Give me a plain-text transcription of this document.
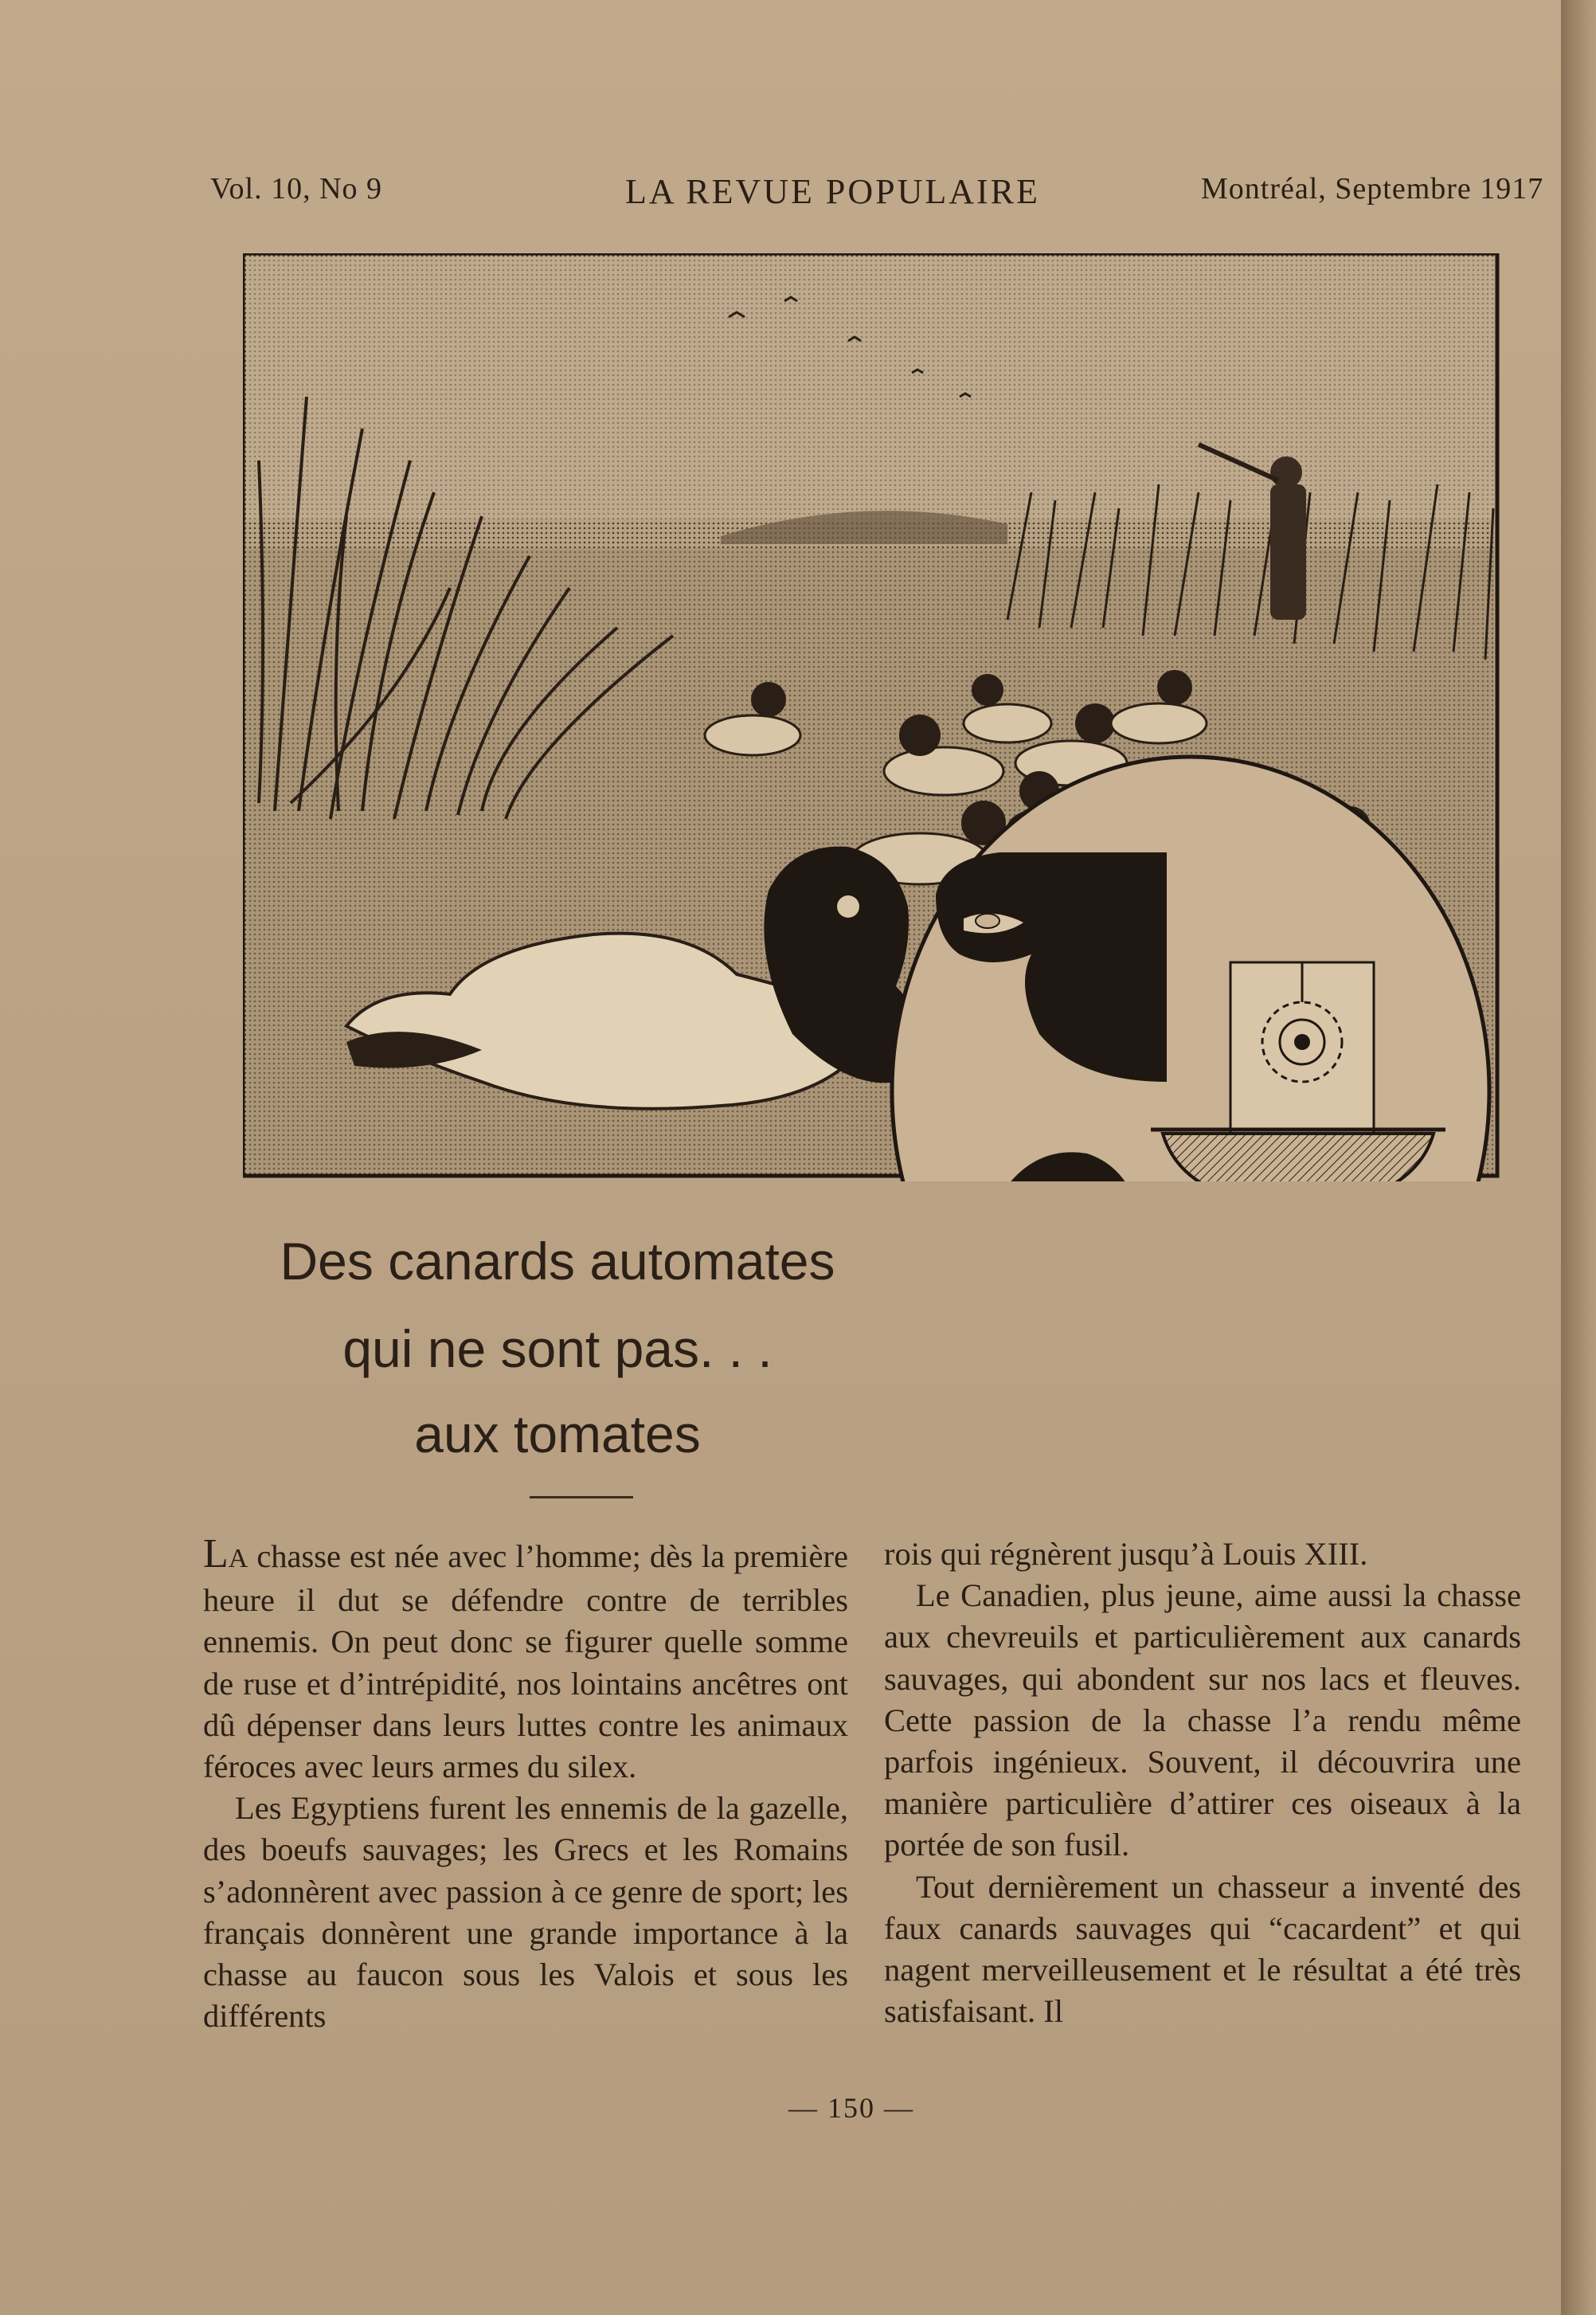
Vol. 10, No 9	LA REVUE POPULAIRE	Montréal, Septembre 1917
Des canards automates
qui ne sont pas. . .
aux tomates

LA chasse est née avec l’homme; dès la première heure il dut se défendre contre de terribles ennemis. On peut donc se figurer quelle somme de ruse et d’intrépidité, nos lointains ancêtres ont dû dépenser dans leurs luttes contre les animaux féroces avec leurs armes du silex.

Les Egyptiens furent les ennemis de la gazelle, des boeufs sauvages; les Grecs et les Romains s’adonnèrent avec passion à ce genre de sport; les français donnèrent une grande importance à la chasse au faucon sous les Valois et sous les différents

rois qui régnèrent jusqu’à Louis XIII.

Le Canadien, plus jeune, aime aussi la chasse aux chevreuils et particulièrement aux canards sauvages, qui abondent sur nos lacs et fleuves. Cette passion de la chasse l’a rendu même parfois ingénieux. Souvent, il découvrira une manière particulière d’attirer ces oiseaux à la portée de son fusil.

Tout dernièrement un chasseur a inventé des faux canards sauvages qui “cacardent” et qui nagent merveilleusement et le résultat a été très satisfaisant. Il

— 150 —
